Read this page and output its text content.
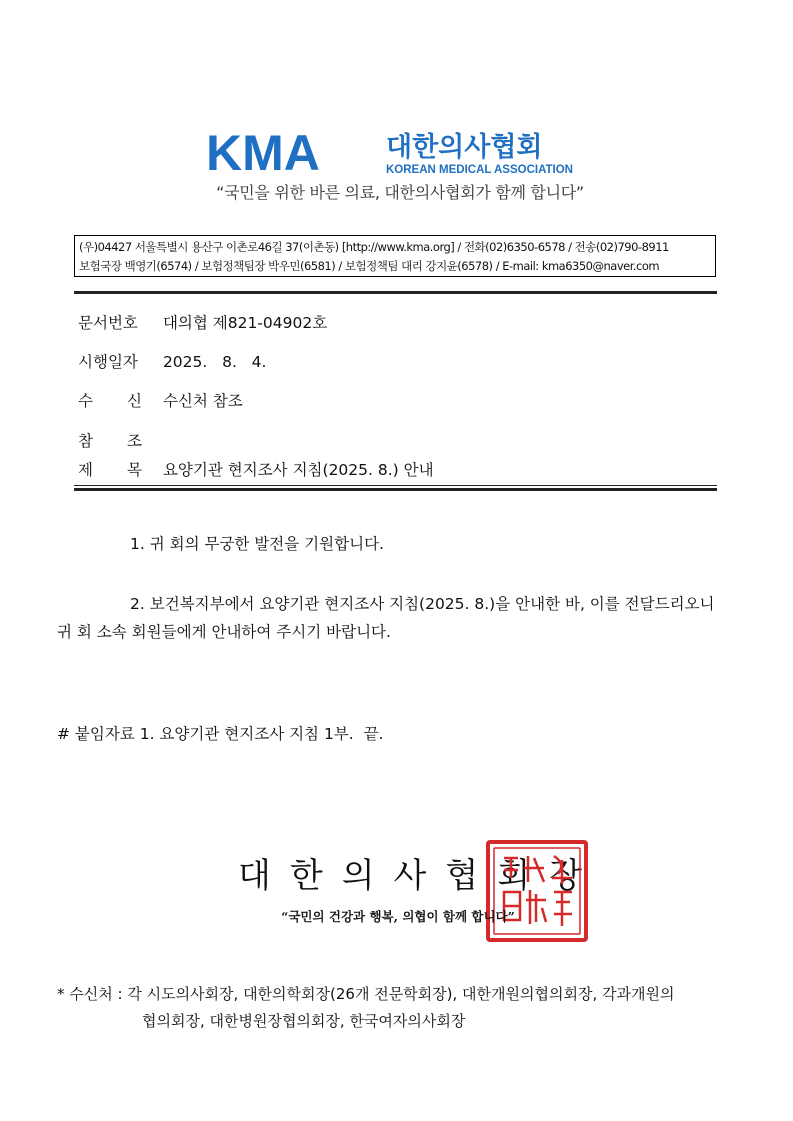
KMA 대한의사협회
KOREAN MEDICAL ASSOCIATION
“국민을 위한 바른 의료, 대한의사협회가 함께 합니다”
(우)04427 서울특별시 용산구 이촌로46길 37(이촌동) [http://www.kma.org] / 전화(02)6350-6578 / 전송(02)790-8911
보험국장 백영기(6574) / 보험정책팀장 박우민(6581) / 보험정책팀 대리 강지윤(6578) / E-mail: kma6350@naver.com
문서번호 대의협 제821-04902호
시행일자 2025.   8.   4.
수 신 수신처 참조
참 조
제 목 요양기관 현지조사 지침(2025. 8.) 안내
1. 귀 회의 무궁한 발전을 기원합니다.
2. 보건복지부에서 요양기관 현지조사 지침(2025. 8.)을 안내한 바, 이를 전달드리오니
귀 회 소속 회원들에게 안내하여 주시기 바랍니다.
# 붙임자료 1. 요양기관 현지조사 지침 1부.  끝.
대한의사협회장
“국민의 건강과 행복, 의협이 함께 합니다”
* 수신처 : 각 시도의사회장, 대한의학회장(26개 전문학회장), 대한개원의협의회장, 각과개원의
협의회장, 대한병원장협의회장, 한국여자의사회장
